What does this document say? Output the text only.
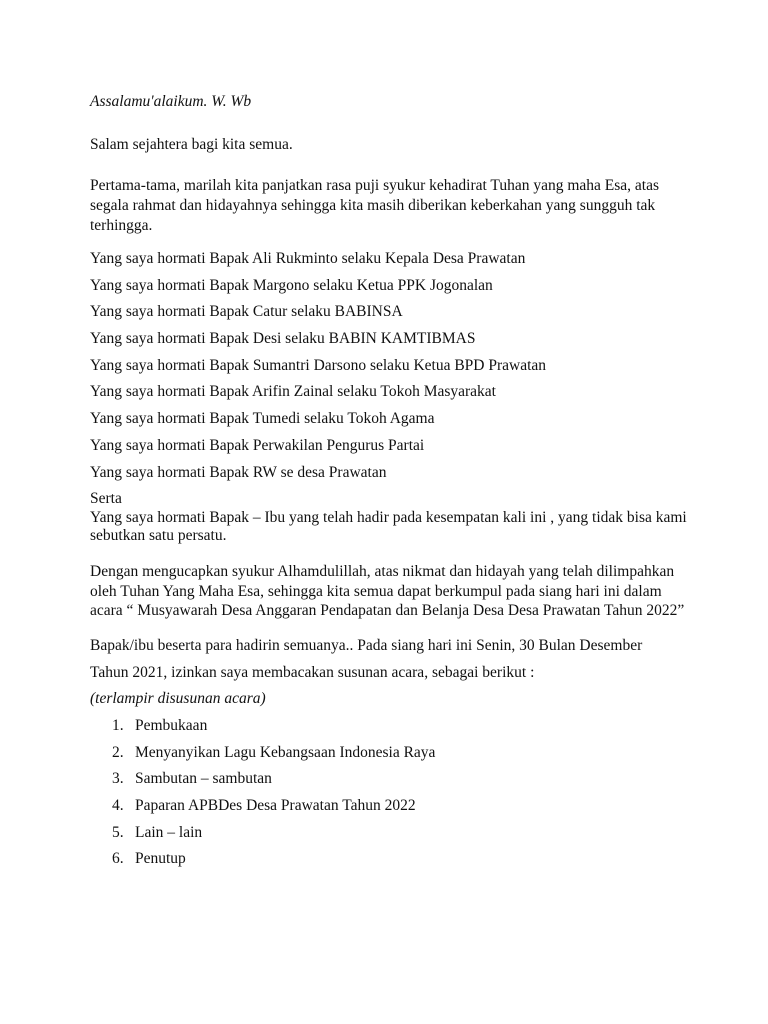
Assalamu'alaikum. W. Wb
Salam sejahtera bagi kita semua.
Pertama-tama, marilah kita panjatkan rasa puji syukur kehadirat Tuhan yang maha Esa, atas
segala rahmat dan hidayahnya sehingga kita masih diberikan keberkahan yang sungguh tak
terhingga.
Yang saya hormati Bapak Ali Rukminto selaku Kepala Desa Prawatan
Yang saya hormati Bapak Margono selaku Ketua PPK Jogonalan
Yang saya hormati Bapak Catur selaku BABINSA
Yang saya hormati Bapak Desi selaku BABIN KAMTIBMAS
Yang saya hormati Bapak Sumantri Darsono selaku Ketua BPD Prawatan
Yang saya hormati Bapak Arifin Zainal selaku Tokoh Masyarakat
Yang saya hormati Bapak Tumedi selaku Tokoh Agama
Yang saya hormati Bapak Perwakilan Pengurus Partai
Yang saya hormati Bapak RW se desa Prawatan
Serta
Yang saya hormati Bapak – Ibu yang telah hadir pada kesempatan kali ini , yang tidak bisa kami
sebutkan satu persatu.
Dengan mengucapkan syukur Alhamdulillah, atas nikmat dan hidayah yang telah dilimpahkan
oleh Tuhan Yang Maha Esa, sehingga kita semua dapat berkumpul pada siang hari ini dalam
acara “ Musyawarah Desa Anggaran Pendapatan dan Belanja Desa Desa Prawatan Tahun 2022”
Bapak/ibu beserta para hadirin semuanya.. Pada siang hari ini Senin, 30 Bulan Desember
Tahun 2021, izinkan saya membacakan susunan acara, sebagai berikut :
(terlampir disusunan acara)
1. Pembukaan
2. Menyanyikan Lagu Kebangsaan Indonesia Raya
3. Sambutan – sambutan
4. Paparan APBDes Desa Prawatan Tahun 2022
5. Lain – lain
6. Penutup
